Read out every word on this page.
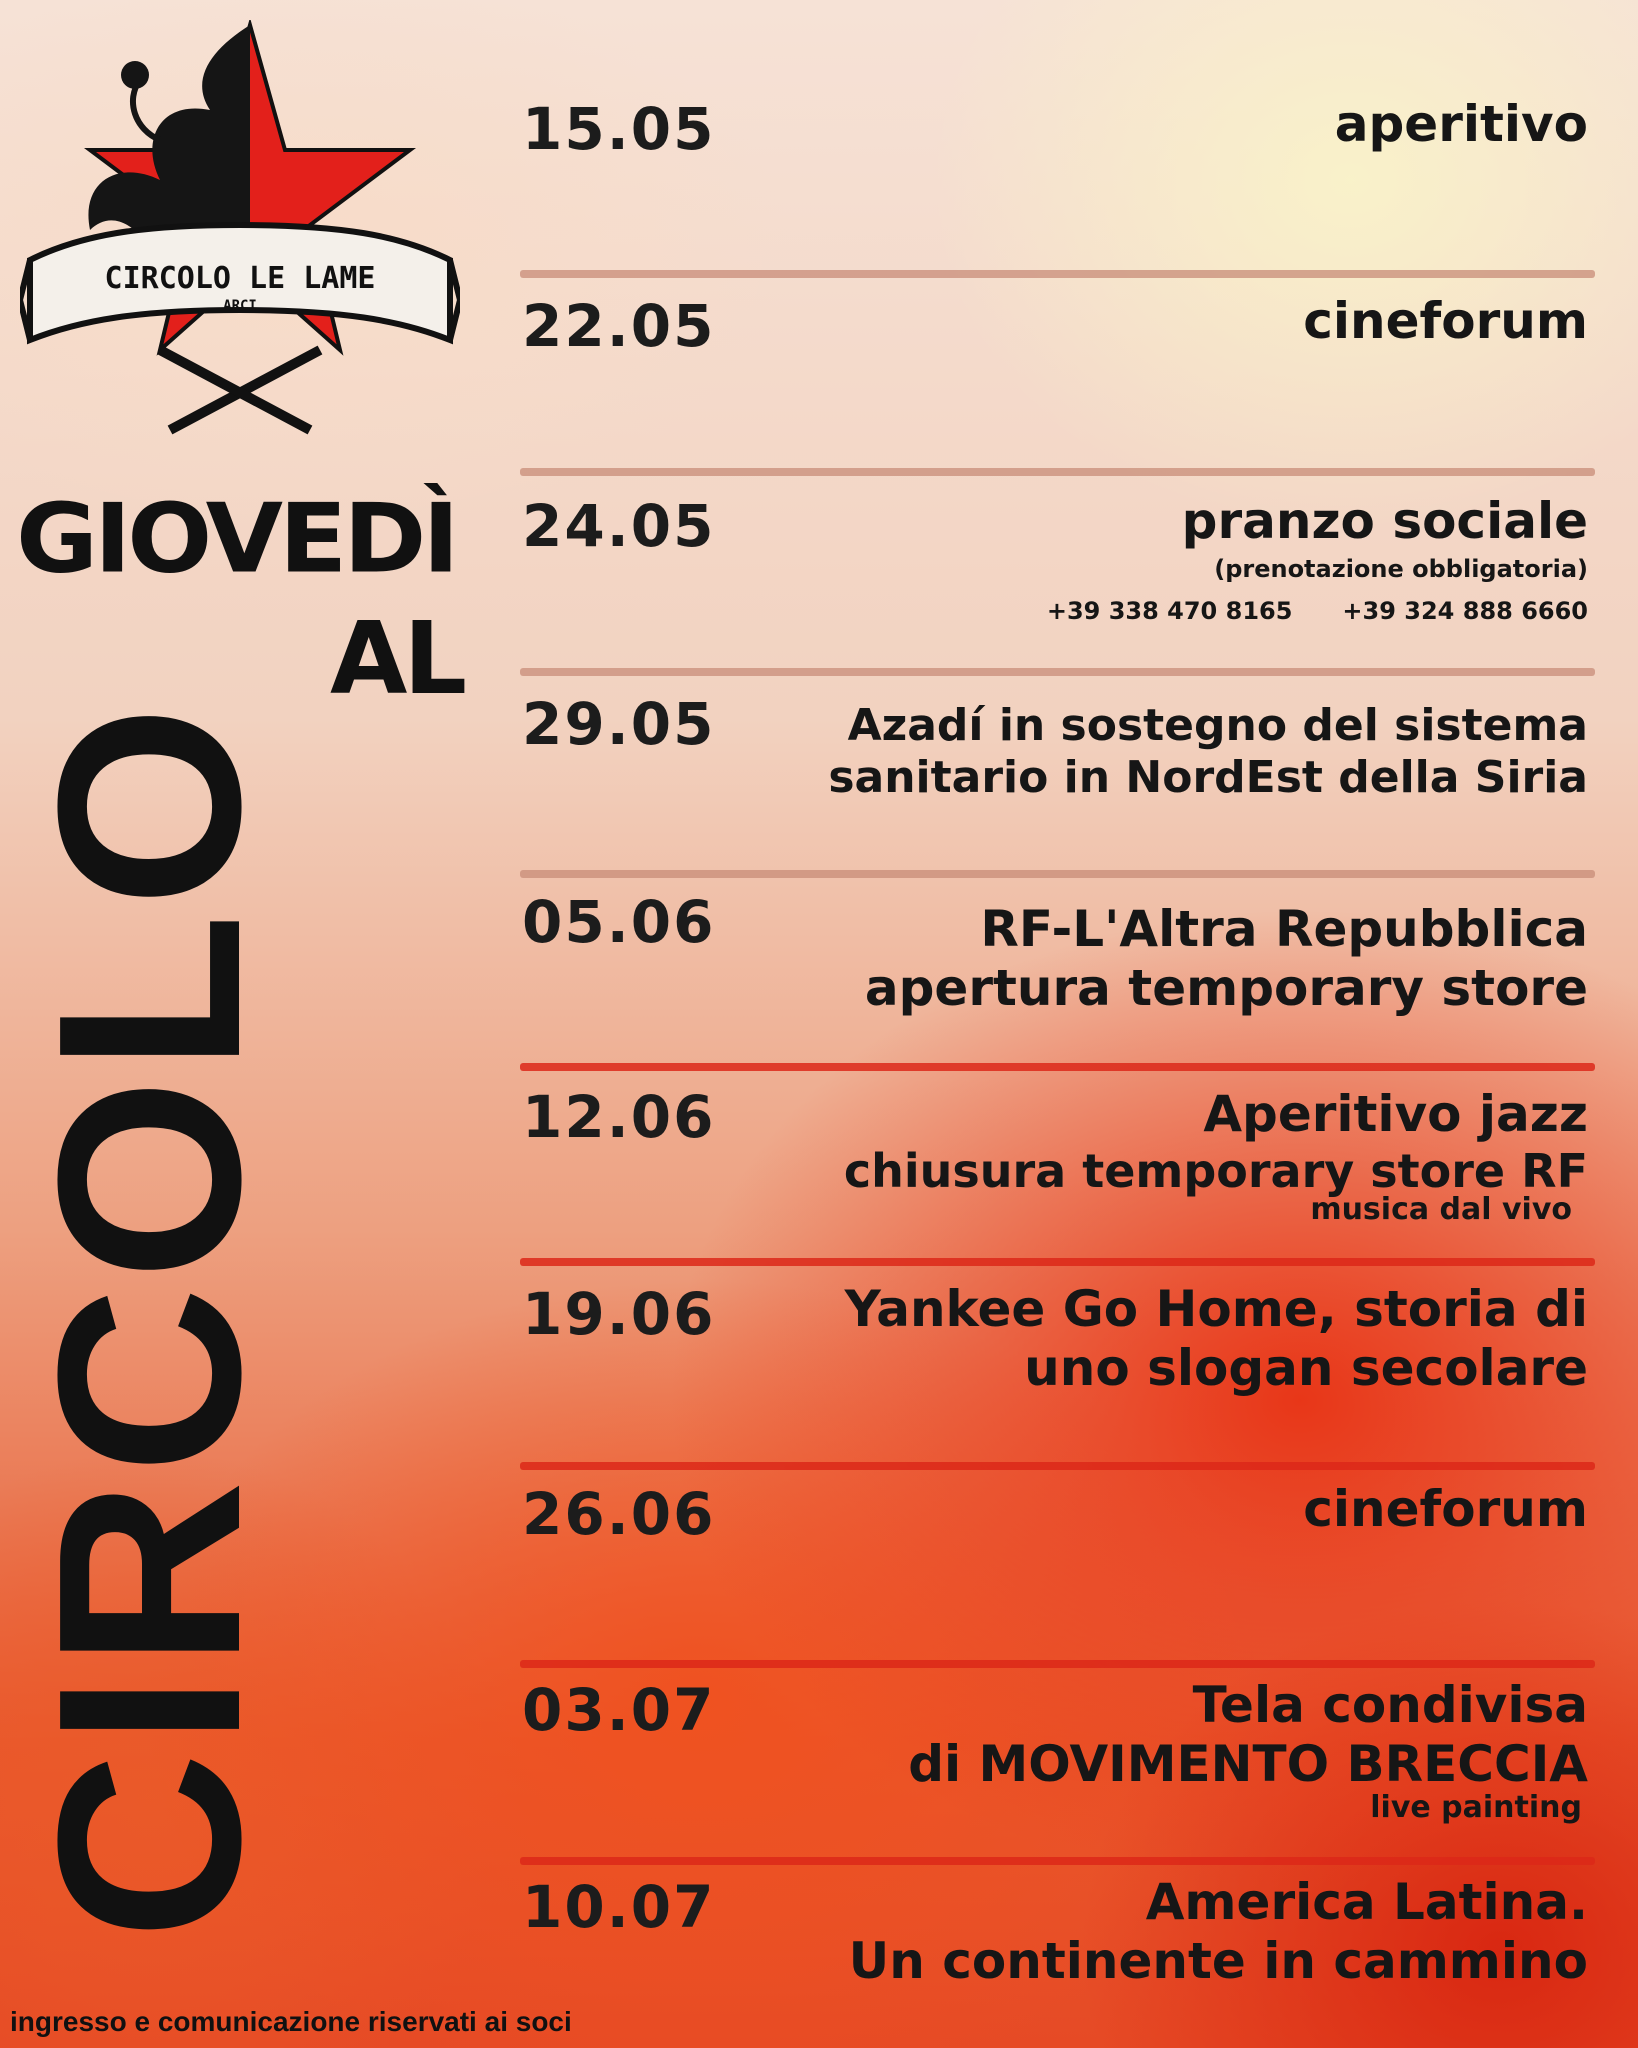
CIRCOLO LE LAME
ARCI
GIOVEDÌ
AL
CIRCOLO
15.05	aperitivo
22.05	cineforum
24.05	pranzo sociale
(prenotazione obbligatoria)
+39 338 470 8165 +39 324 888 6660
29.05	Azadí in sostegno del sistema
sanitario in NordEst della Siria
05.06	RF-L'Altra Repubblica
apertura temporary store
12.06	Aperitivo jazz
chiusura temporary store RF
musica dal vivo
19.06	Yankee Go Home, storia di
uno slogan secolare
26.06	cineforum
03.07	Tela condivisa
di MOVIMENTO BRECCIA
live painting
10.07	America Latina.
Un continente in cammino
ingresso e comunicazione riservati ai soci
